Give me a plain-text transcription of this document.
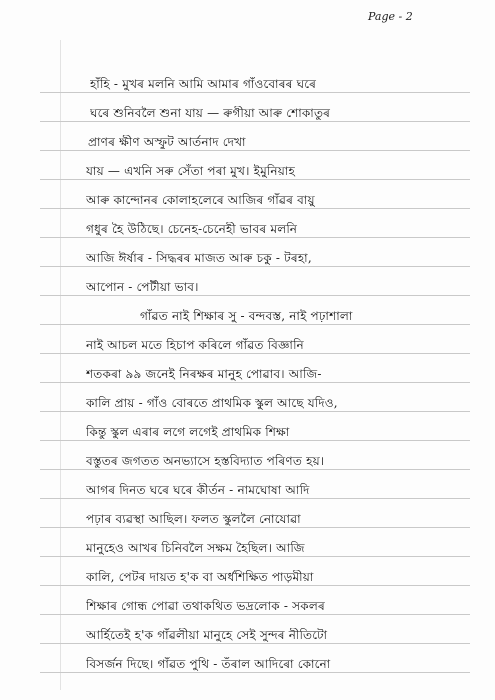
Page - 2
হাঁহি - মুখৰ মলনি আমি আমাৰ গাঁওবোৰৰ ঘৰে
ঘৰে শুনিবলৈ শুনা যায় — ৰুগীয়া আৰু শোকাতুৰ
প্ৰাণৰ ক্ষীণ অস্ফুট আৰ্তনাদ দেখা
যায় — এখনি সৰু সেঁতা পৰা মুখ। ইমুনিয়াহ
আৰু কান্দোনৰ কোলাহলেৰে আজিৰ গাঁৱৰ বায়ু
গধুৰ হৈ উঠিছে। চেনেহ-চেনেহী ভাবৰ মলনি
আজি ঈৰ্ষাৰ - সিদ্ধৰৰ মাজত আৰু চকু - টৰহা,
আপোন - পেটীয়া ভাব।
গাঁৱত নাই শিক্ষাৰ সু - বন্দবস্ত, নাই পঢ়াশালা
নাই আচল মতে হিচাপ কৰিলে গাঁৱত বিজ্ঞানি
শতকৰা ৯৯ জনেই নিৰক্ষৰ মানুহ পোৱাব। আজি-
কালি প্ৰায় - গাঁও বোৰতে প্ৰাথমিক স্কুল আছে যদিও,
কিন্তু স্কুল এৰাৰ লগে লগেই প্ৰাথমিক শিক্ষা
বস্তুতৰ জগতত অনভ্যাসে হস্তবিদ্যাত পৰিণত হয়।
আগৰ দিনত ঘৰে ঘৰে কীৰ্তন - নামঘোষা আদি
পঢ়াৰ ব্যৱস্থা আছিল। ফলত স্কুললৈ নোযোৱা
মানুহেও আখৰ চিনিবলৈ সক্ষম হৈছিল। আজি
কালি, পেটৰ দায়ত হ'ক বা অৰ্ধশিক্ষিত পাড়মীয়া
শিক্ষাৰ গোন্ধ পোৱা তথাকথিত ভদ্ৰলোক - সকলৰ
আৰ্হিতেই হ'ক গাঁৱলীয়া মানুহে সেই সুন্দৰ নীতিটো
বিসৰ্জন দিছে। গাঁৱত পুথি - তঁৰাল আদিৰো কোনো
